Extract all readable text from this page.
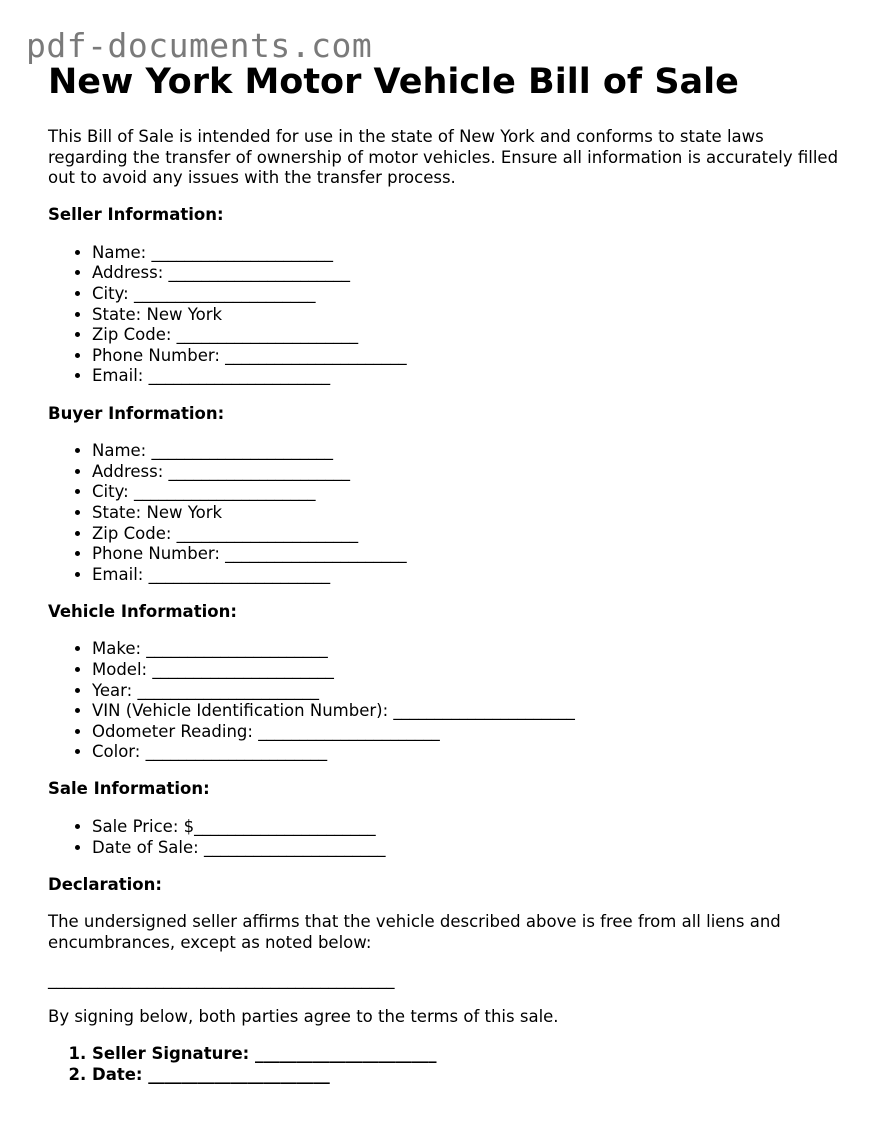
pdf-documents.com
New York Motor Vehicle Bill of Sale

This Bill of Sale is intended for use in the state of New York and conforms to state laws regarding the transfer of ownership of motor vehicles. Ensure all information is accurately filled out to avoid any issues with the transfer process.

Seller Information:
• Name: ______________________
• Address: ______________________
• City: ______________________
• State: New York
• Zip Code: ______________________
• Phone Number: ______________________
• Email: ______________________
Buyer Information:
• Name: ______________________
• Address: ______________________
• City: ______________________
• State: New York
• Zip Code: ______________________
• Phone Number: ______________________
• Email: ______________________
Vehicle Information:
• Make: ______________________
• Model: ______________________
• Year: ______________________
• VIN (Vehicle Identification Number): ______________________
• Odometer Reading: ______________________
• Color: ______________________
Sale Information:
• Sale Price: $______________________
• Date of Sale: ______________________
Declaration:

The undersigned seller affirms that the vehicle described above is free from all liens and encumbrances, except as noted below:

__________________________________________

By signing below, both parties agree to the terms of this sale.

1. Seller Signature: ______________________
2. Date: ______________________
